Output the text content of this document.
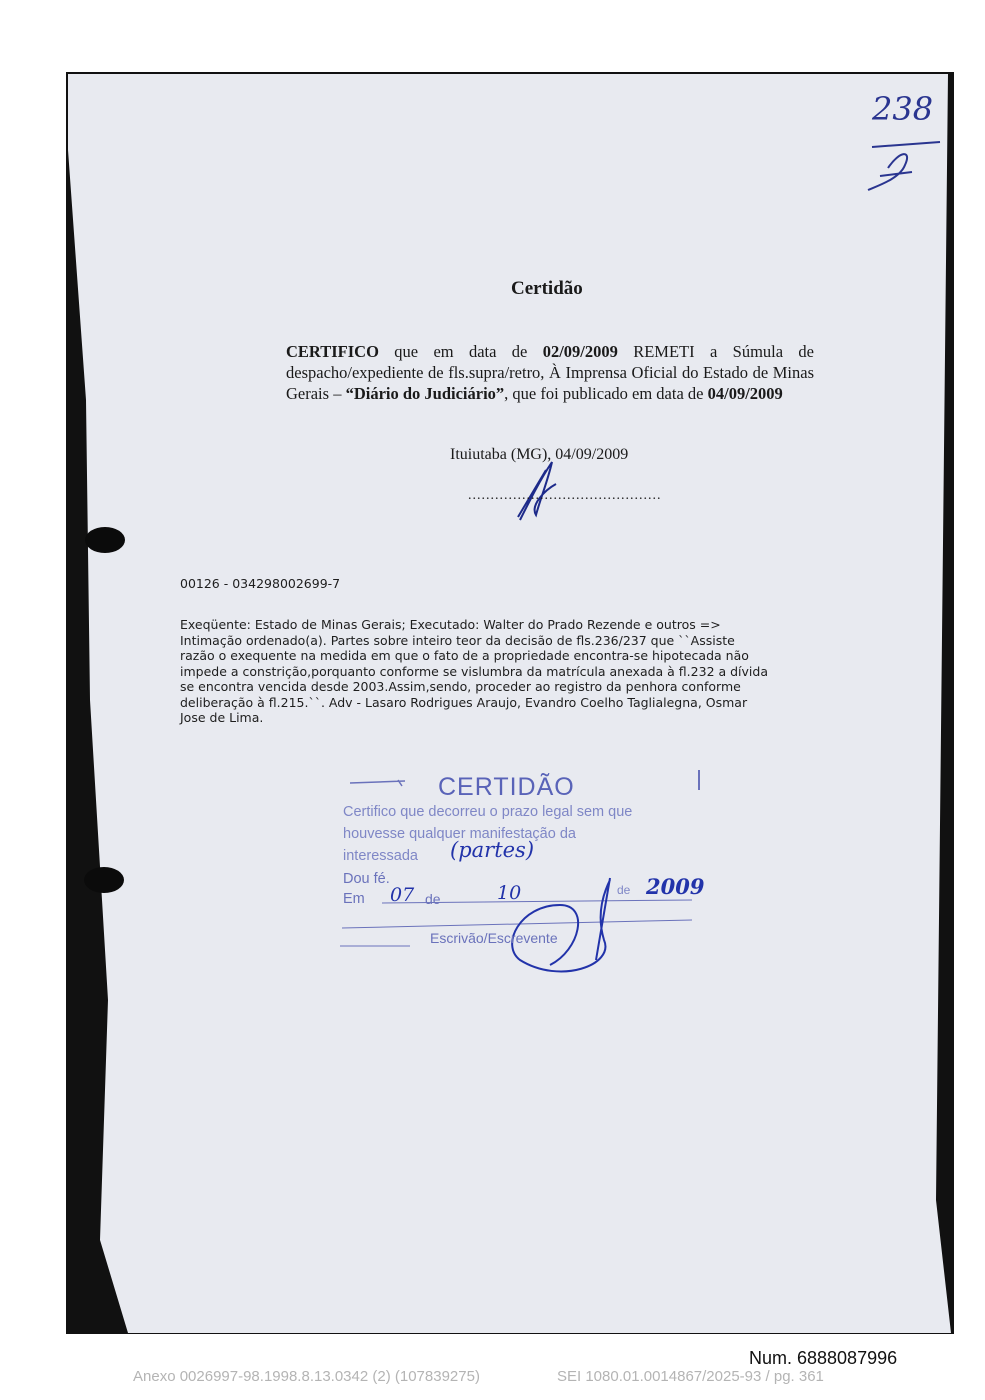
238
Certidão
CERTIFICO que em data de 02/09/2009 REMETI a Súmula de despacho/expediente de fls.supra/retro, À Imprensa Oficial do Estado de Minas Gerais – “Diário do Judiciário”, que foi publicado em data de 04/09/2009
Ituiutaba (MG), 04/09/2009
...........................................
00126 - 034298002699-7
Exeqüente: Estado de Minas Gerais; Executado: Walter do Prado Rezende e outros =>
Intimação ordenado(a). Partes sobre inteiro teor da decisão de fls.236/237 que ``Assiste
razão o exequente na medida em que o fato de a propriedade encontra-se hipotecada não
impede a constrição,porquanto conforme se vislumbra da matrícula anexada à fl.232 a dívida
se encontra vencida desde 2003.Assim,sendo, proceder ao registro da penhora conforme
deliberação à fl.215.``. Adv - Lasaro Rodrigues Araujo, Evandro Coelho Taglialegna, Osmar
Jose de Lima.
CERTIDÃO
Certifico que decorreu o prazo legal sem que
houvesse qualquer manifestação da
interessada (partes)
Dou fé.
Em 07 de	10	de 2009
Escrivão/Escrevente
Num. 6888087996
Anexo 0026997-98.1998.8.13.0342 (2) (107839275)	SEI 1080.01.0014867/2025-93 / pg. 361
